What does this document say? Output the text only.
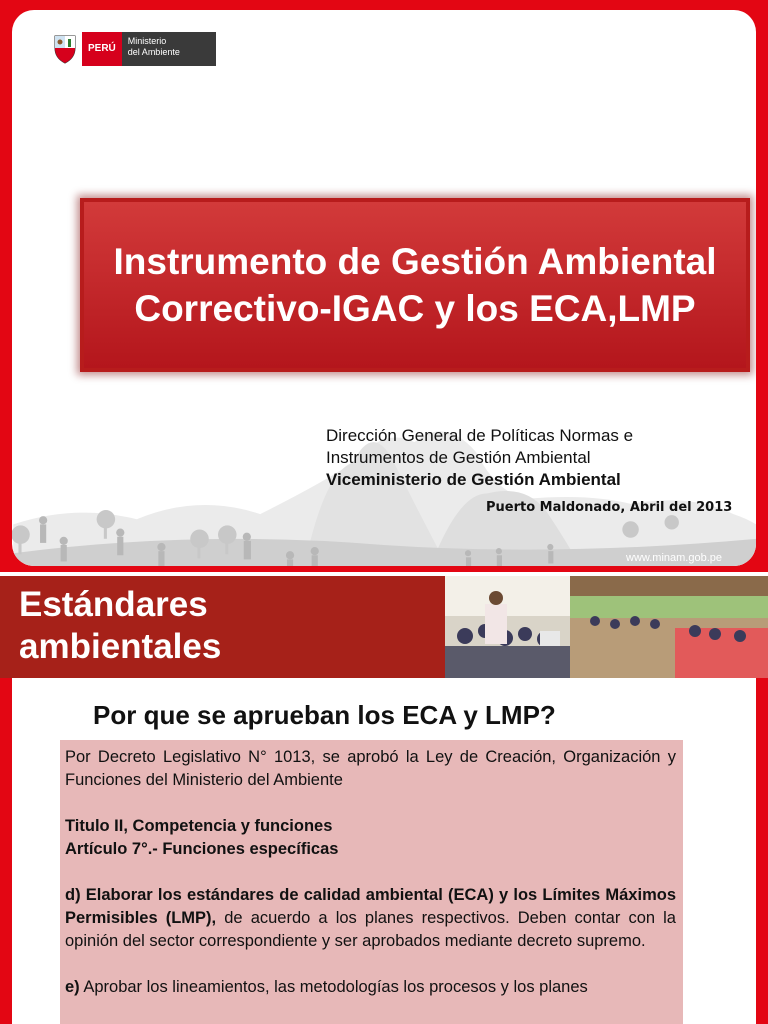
PERÚ
Ministerio
del Ambiente
Instrumento de Gestión Ambiental Correctivo-IGAC y los ECA,LMP
Dirección General de Políticas Normas e
Instrumentos de Gestión Ambiental
Viceministerio de Gestión Ambiental
Puerto Maldonado, Abril del 2013
www.minam.gob.pe
Estándares ambientales
Por que se aprueban los ECA y LMP?

Por Decreto Legislativo N° 1013, se aprobó la Ley de Creación, Organización y Funciones del Ministerio del Ambiente

Titulo II, Competencia y funciones
Artículo 7°.- Funciones específicas

d) Elaborar los estándares de calidad ambiental (ECA) y los Límites Máximos Permisibles (LMP), de acuerdo a los planes respectivos. Deben contar con la opinión del sector correspondiente y ser aprobados mediante decreto supremo.

e) Aprobar los lineamientos, las metodologías los procesos y los planes
